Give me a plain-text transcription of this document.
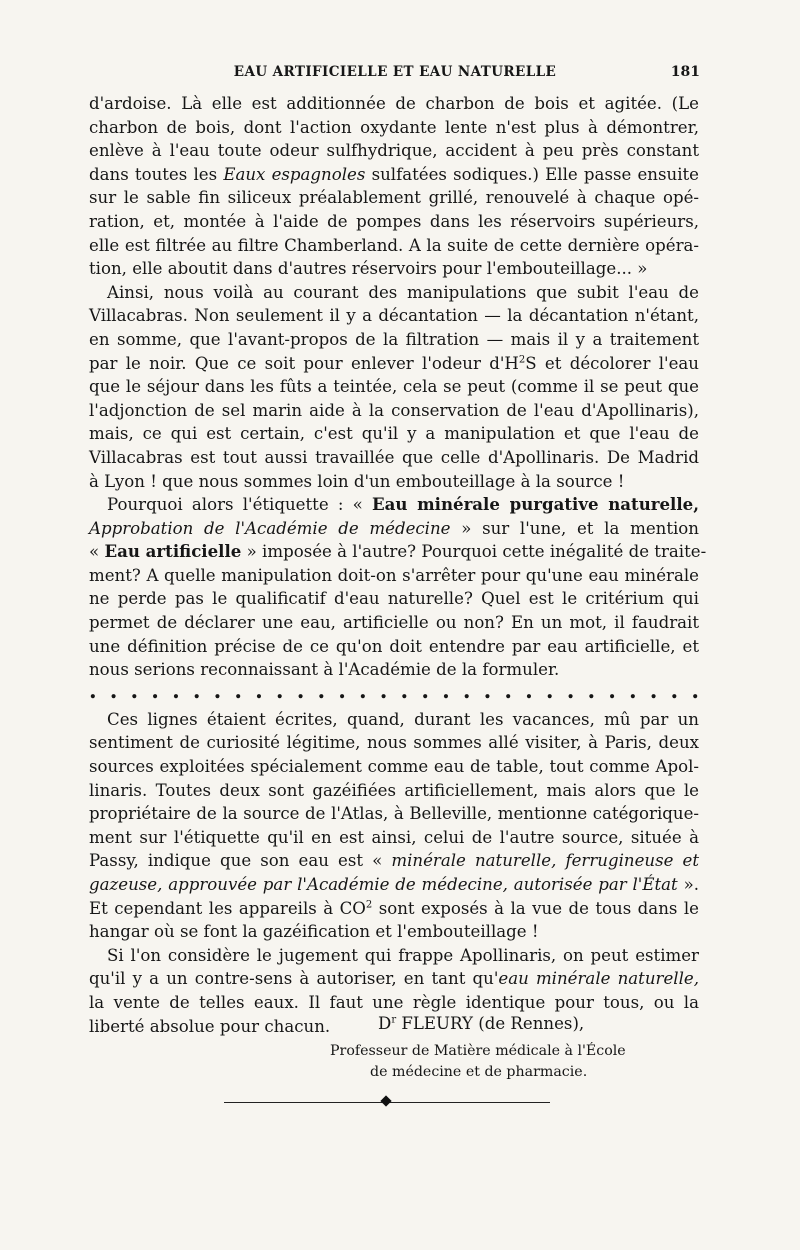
EAU ARTIFICIELLE ET EAU NATURELLE	181
d'ardoise. Là elle est additionnée de charbon de bois et agitée. (Le
charbon de bois, dont l'action oxydante lente n'est plus à démontrer,
enlève à l'eau toute odeur sulfhydrique, accident à peu près constant
dans toutes les Eaux espagnoles sulfatées sodiques.) Elle passe ensuite
sur le sable fin siliceux préalablement grillé, renouvelé à chaque opé-
ration, et, montée à l'aide de pompes dans les réservoirs supérieurs,
elle est filtrée au filtre Chamberland. A la suite de cette dernière opéra-
tion, elle aboutit dans d'autres réservoirs pour l'embouteillage... »
Ainsi, nous voilà au courant des manipulations que subit l'eau de
Villacabras. Non seulement il y a décantation — la décantation n'étant,
en somme, que l'avant-propos de la filtration — mais il y a traitement
par le noir. Que ce soit pour enlever l'odeur $d'H^2S$ et décolorer l'eau
que le séjour dans les fûts a teintée, cela se peut (comme il se peut que
l'adjonction de sel marin aide à la conservation de l'eau d'Apollinaris),
mais, ce qui est certain, c'est qu'il y a manipulation et que l'eau de
Villacabras est tout aussi travaillée que celle d'Apollinaris. De Madrid
à Lyon ! que nous sommes loin d'un embouteillage à la source !
Pourquoi alors l'étiquette : « Eau minérale purgative naturelle,
Approbation de l'Académie de médecine » sur l'une, et la mention
« Eau artificielle » imposée à l'autre? Pourquoi cette inégalité de traite-
ment? A quelle manipulation doit-on s'arrêter pour qu'une eau minérale
ne perde pas le qualificatif d'eau naturelle? Quel est le critérium qui
permet de déclarer une eau, artificielle ou non? En un mot, il faudrait
une définition précise de ce qu'on doit entendre par eau artificielle, et
nous serions reconnaissant à l'Académie de la formuler.
. . . . . . . . . . . . . . . . . . . . . . . . . . . . . .
Ces lignes étaient écrites, quand, durant les vacances, mû par un
sentiment de curiosité légitime, nous sommes allé visiter, à Paris, deux
sources exploitées spécialement comme eau de table, tout comme Apol-
linaris. Toutes deux sont gazéifiées artificiellement, mais alors que le
propriétaire de la source de l'Atlas, à Belleville, mentionne catégorique-
ment sur l'étiquette qu'il en est ainsi, celui de l'autre source, située à
Passy, indique que son eau est « minérale naturelle, ferrugineuse et
gazeuse, approuvée par l'Académie de médecine, autorisée par l'État ».
Et cependant les appareils à $CO^2$ sont exposés à la vue de tous dans le
hangar où se font la gazéification et l'embouteillage !
Si l'on considère le jugement qui frappe Apollinaris, on peut estimer
qu'il y a un contre-sens à autoriser, en tant qu'eau minérale naturelle,
la vente de telles eaux. Il faut une règle identique pour tous, ou la
liberté absolue pour chacun.	$D^r$ FLEURY (de Rennes),
Professeur de Matière médicale à l'École
de médecine et de pharmacie.
